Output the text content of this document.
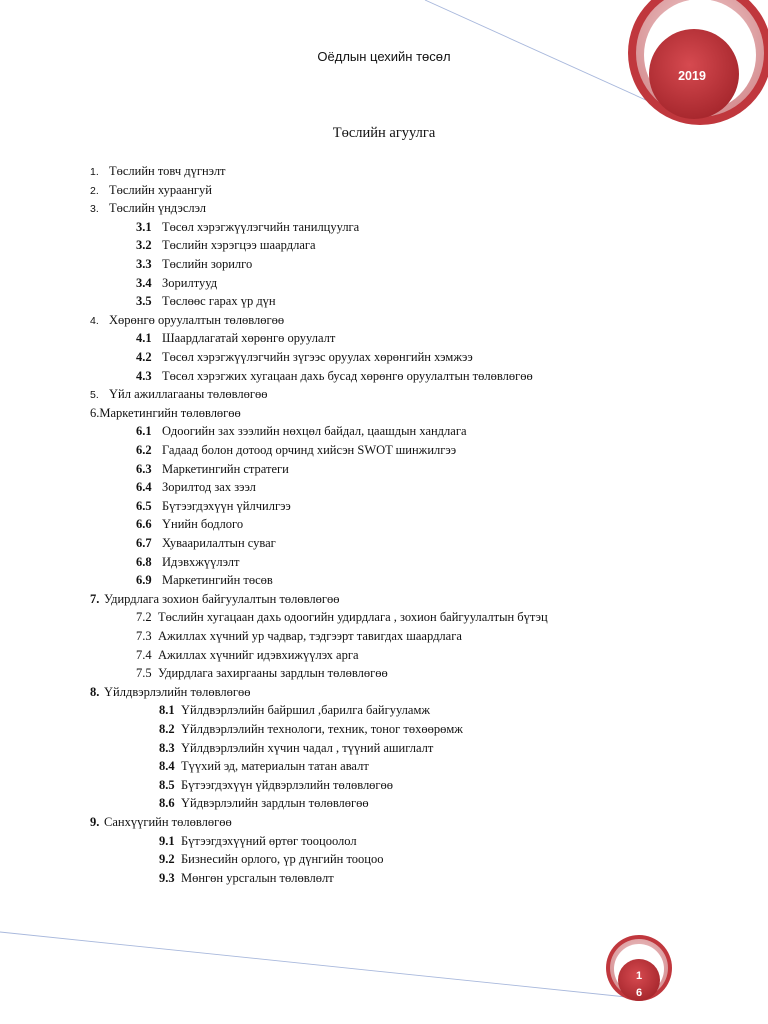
Оёдлын цехийн төсөл
2019
Төслийн агуулга
1. Төслийн товч дүгнэлт
2. Төслийн хураангуй
3. Төслийн үндэслэл
3.1 Төсөл хэрэгжүүлэгчийн танилцуулга
3.2 Төслийн хэрэгцээ шаардлага
3.3 Төслийн зорилго
3.4 Зорилтууд
3.5 Төслөөс гарах үр дүн
4. Хөрөнгө оруулалтын төлөвлөгөө
4.1 Шаардлагатай хөрөнгө оруулалт
4.2 Төсөл хэрэгжүүлэгчийн зүгээс оруулах хөрөнгийн хэмжээ
4.3 Төсөл хэрэгжих хугацаан дахь бусад хөрөнгө оруулалтын төлөвлөгөө
5. Үйл ажиллагааны төлөвлөгөө
6.Маркетингийн төлөвлөгөө
6.1 Одоогийн зах зээлийн нөхцөл байдал, цаашдын хандлага
6.2 Гадаад болон дотоод орчинд хийсэн SWOT шинжилгээ
6.3 Маркетингийн стратеги
6.4 Зорилтод зах зээл
6.5 Бүтээгдэхүүн үйлчилгээ
6.6 Үнийн бодлого
6.7 Хуваарилалтын суваг
6.8 Идэвхжүүлэлт
6.9 Маркетингийн төсөв
7. Удирдлага зохион байгуулалтын төлөвлөгөө
7.2 Төслийн хугацаан дахь одоогийн удирдлага , зохион байгуулалтын бүтэц
7.3 Ажиллах хүчний ур чадвар, тэдгээрт тавигдах шаардлага
7.4 Ажиллах хүчнийг идэвхижүүлэх арга
7.5 Удирдлага захиргааны зардлын төлөвлөгөө
8. Үйлдвэрлэлийн төлөвлөгөө
8.1 Үйлдвэрлэлийн байршил ,барилга байгууламж
8.2 Үйлдвэрлэлийн технологи, техник, тоног төхөөрөмж
8.3 Үйлдвэрлэлийн хүчин чадал , түүний ашиглалт
8.4 Түүхий эд, материалын татан авалт
8.5 Бүтээгдэхүүн үйдвэрлэлийн төлөвлөгөө
8.6 Үйдвэрлэлийн зардлын төлөвлөгөө
9. Санхүүгийн төлөвлөгөө
9.1 Бүтээгдэхүүний өртөг тооцоолол
9.2 Бизнесийн орлого, үр дүнгийн тооцоо
9.3 Мөнгөн урсгалын төлөвлөлт
1
6
